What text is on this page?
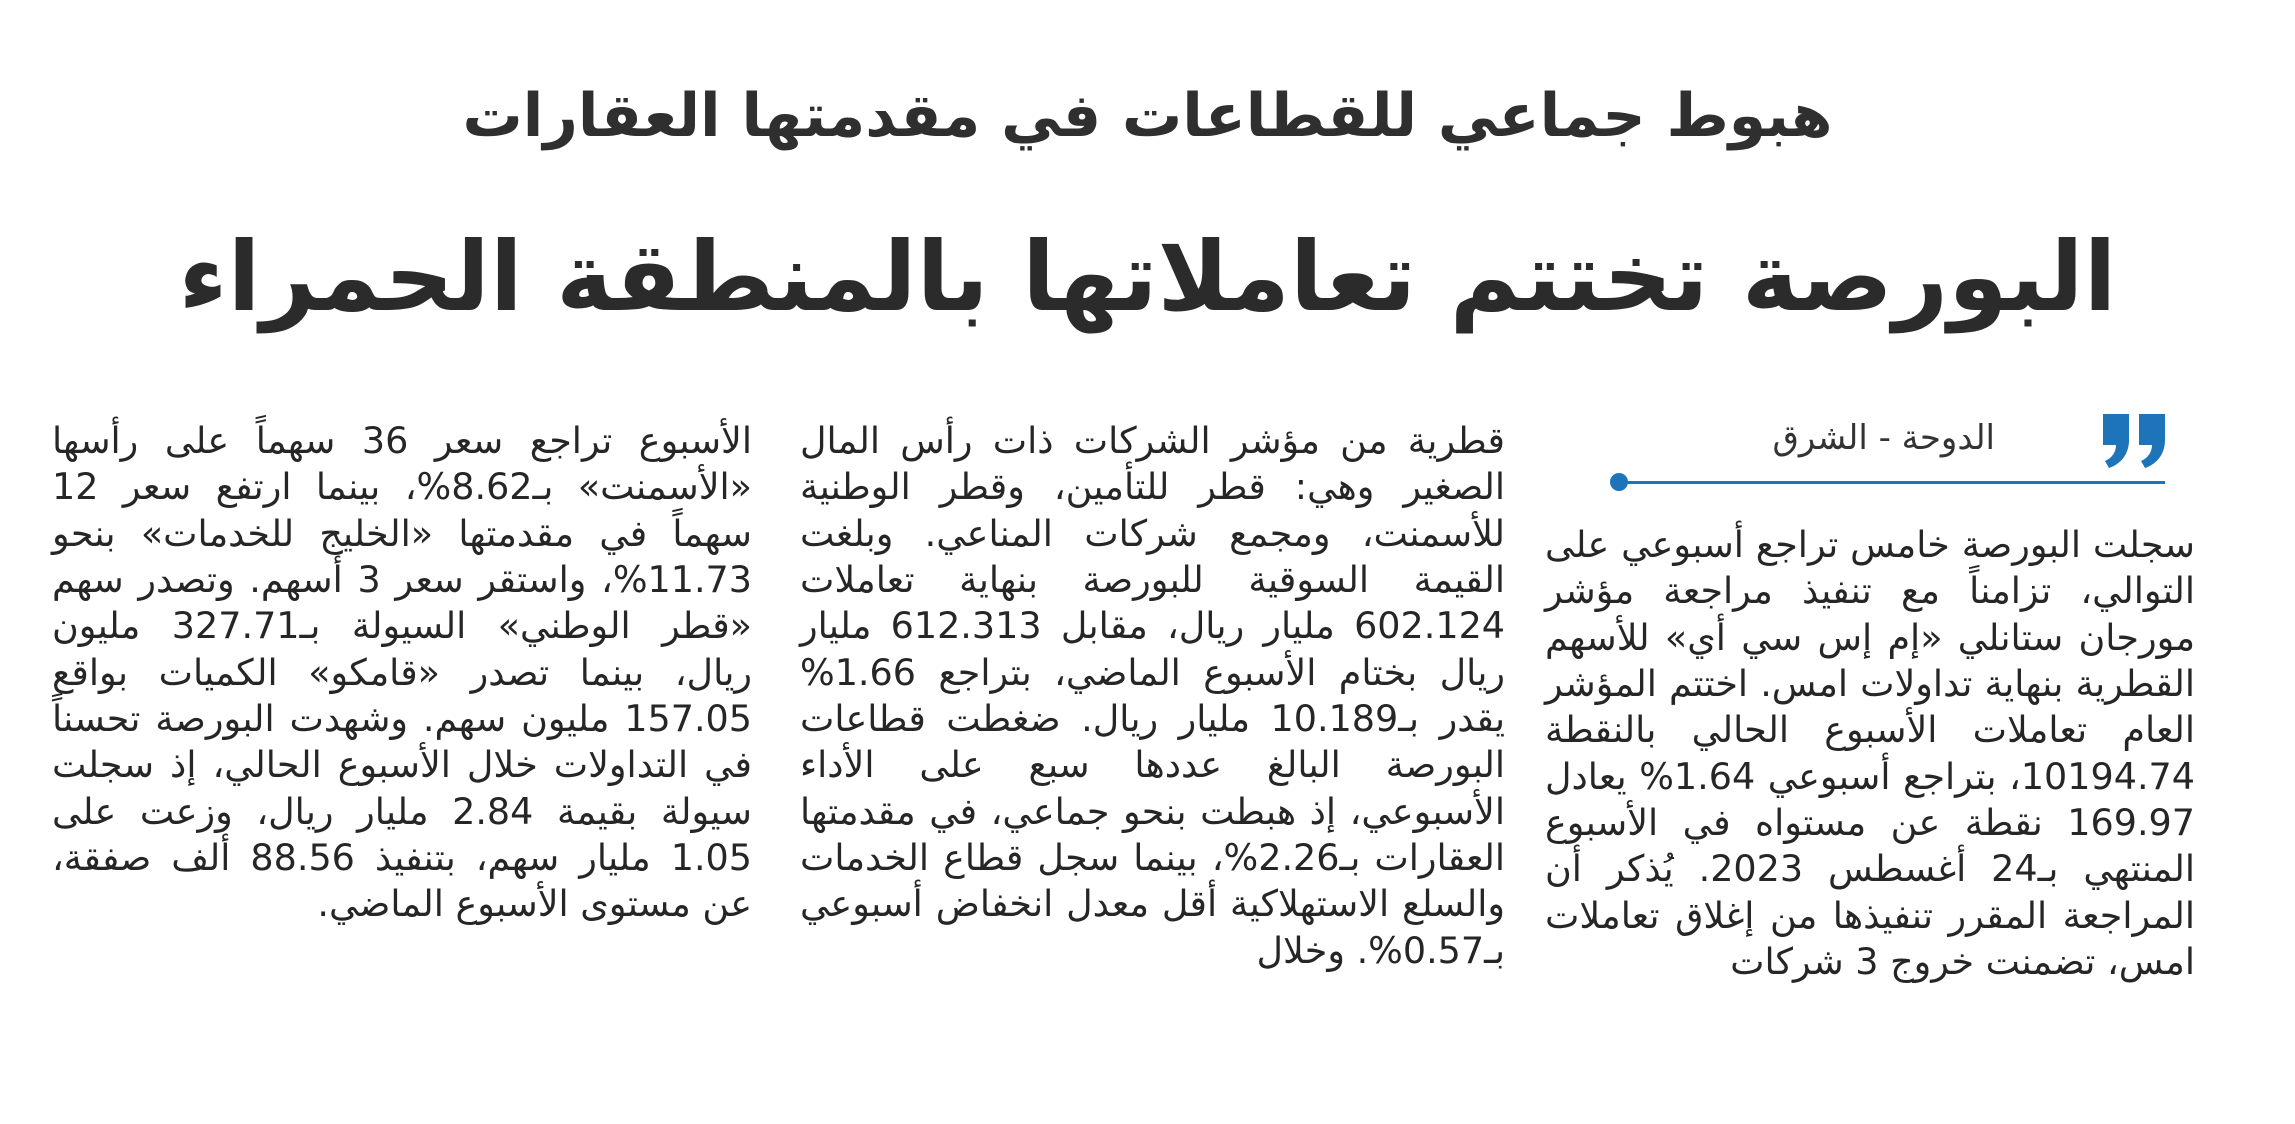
هبوط جماعي للقطاعات في مقدمتها العقارات
البورصة تختتم تعاملاتها بالمنطقة الحمراء
الدوحة - الشرق

سجلت البورصة خامس تراجع أسبوعي على التوالي، تزامناً مع تنفيذ مراجعة مؤشر مورجان ستانلي «إم إس سي أي» للأسهم القطرية بنهاية تداولات امس. اختتم المؤشر العام تعاملات الأسبوع الحالي بالنقطة 10194.74، بتراجع أسبوعي 1.64% يعادل 169.97 نقطة عن مستواه في الأسبوع المنتهي بـ24 أغسطس 2023. يُذكر أن المراجعة المقرر تنفيذها من إغلاق تعاملات امس، تضمنت خروج 3 شركات

قطرية من مؤشر الشركات ذات رأس المال الصغير وهي: قطر للتأمين، وقطر الوطنية للأسمنت، ومجمع شركات المناعي. وبلغت القيمة السوقية للبورصة بنهاية تعاملات 602.124 مليار ريال، مقابل 612.313 مليار ريال بختام الأسبوع الماضي، بتراجع 1.66% يقدر بـ10.189 مليار ريال. ضغطت قطاعات البورصة البالغ عددها سبع على الأداء الأسبوعي، إذ هبطت بنحو جماعي، في مقدمتها العقارات بـ2.26%، بينما سجل قطاع الخدمات والسلع الاستهلاكية أقل معدل انخفاض أسبوعي بـ0.57%. وخلال

الأسبوع تراجع سعر 36 سهماً على رأسها «الأسمنت» بـ8.62%، بينما ارتفع سعر 12 سهماً في مقدمتها «الخليج للخدمات» بنحو 11.73%، واستقر سعر 3 أسهم. وتصدر سهم «قطر الوطني» السيولة بـ327.71 مليون ريال، بينما تصدر «قامكو» الكميات بواقع 157.05 مليون سهم. وشهدت البورصة تحسناً في التداولات خلال الأسبوع الحالي، إذ سجلت سيولة بقيمة 2.84 مليار ريال، وزعت على 1.05 مليار سهم، بتنفيذ 88.56 ألف صفقة، عن مستوى الأسبوع الماضي.
